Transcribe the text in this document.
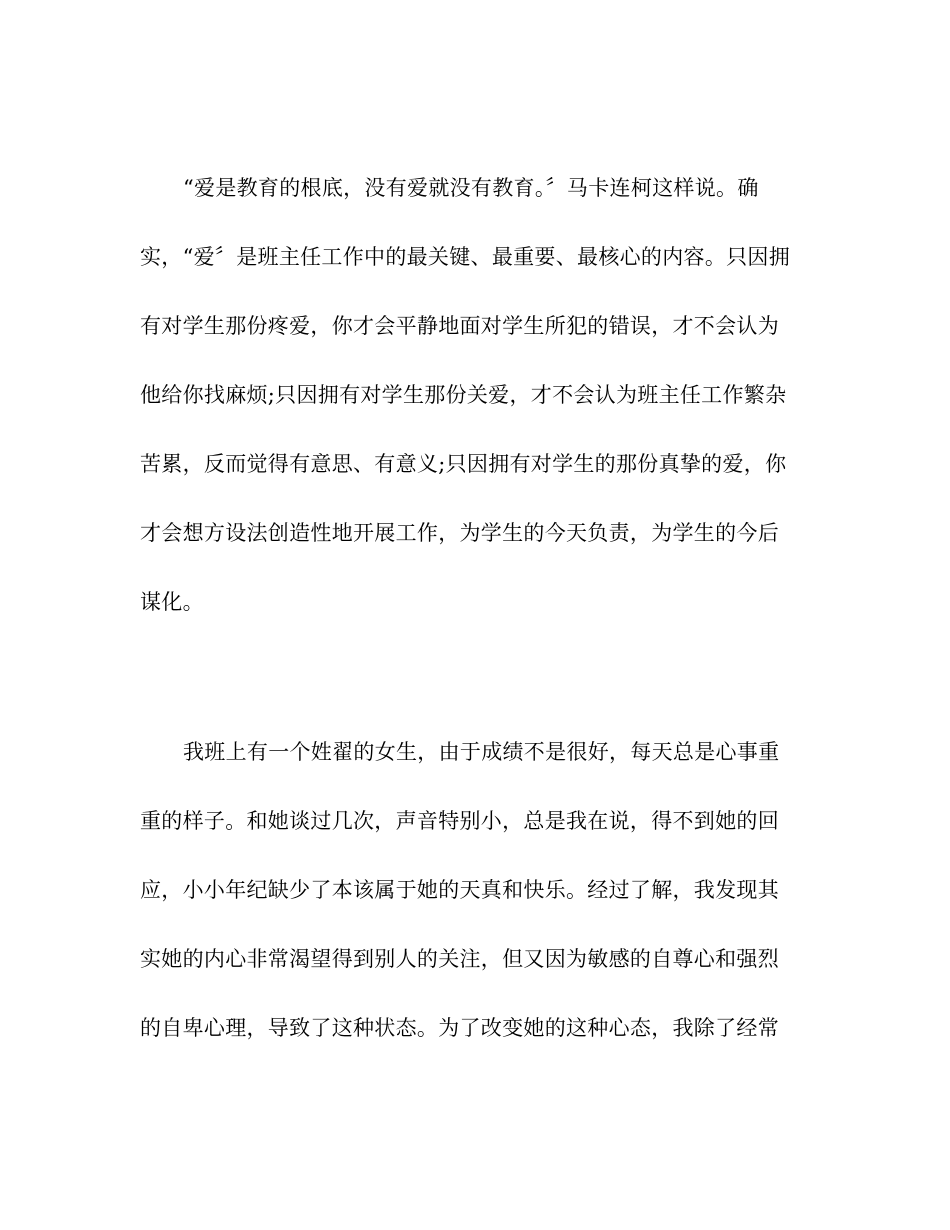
“爱是教育的根底，没有爱就没有教育。〞马卡连柯这样说。确
实，“爱〞是班主任工作中的最关键、最重要、最核心的内容。只因拥
有对学生那份疼爱，你才会平静地面对学生所犯的错误，才不会认为
他给你找麻烦;只因拥有对学生那份关爱，才不会认为班主任工作繁杂
苦累，反而觉得有意思、有意义;只因拥有对学生的那份真挚的爱，你
才会想方设法创造性地开展工作，为学生的今天负责，为学生的今后
谋化。
我班上有一个姓翟的女生，由于成绩不是很好，每天总是心事重
重的样子。和她谈过几次，声音特别小，总是我在说，得不到她的回
应，小小年纪缺少了本该属于她的天真和快乐。经过了解，我发现其
实她的内心非常渴望得到别人的关注，但又因为敏感的自尊心和强烈
的自卑心理，导致了这种状态。为了改变她的这种心态，我除了经常
